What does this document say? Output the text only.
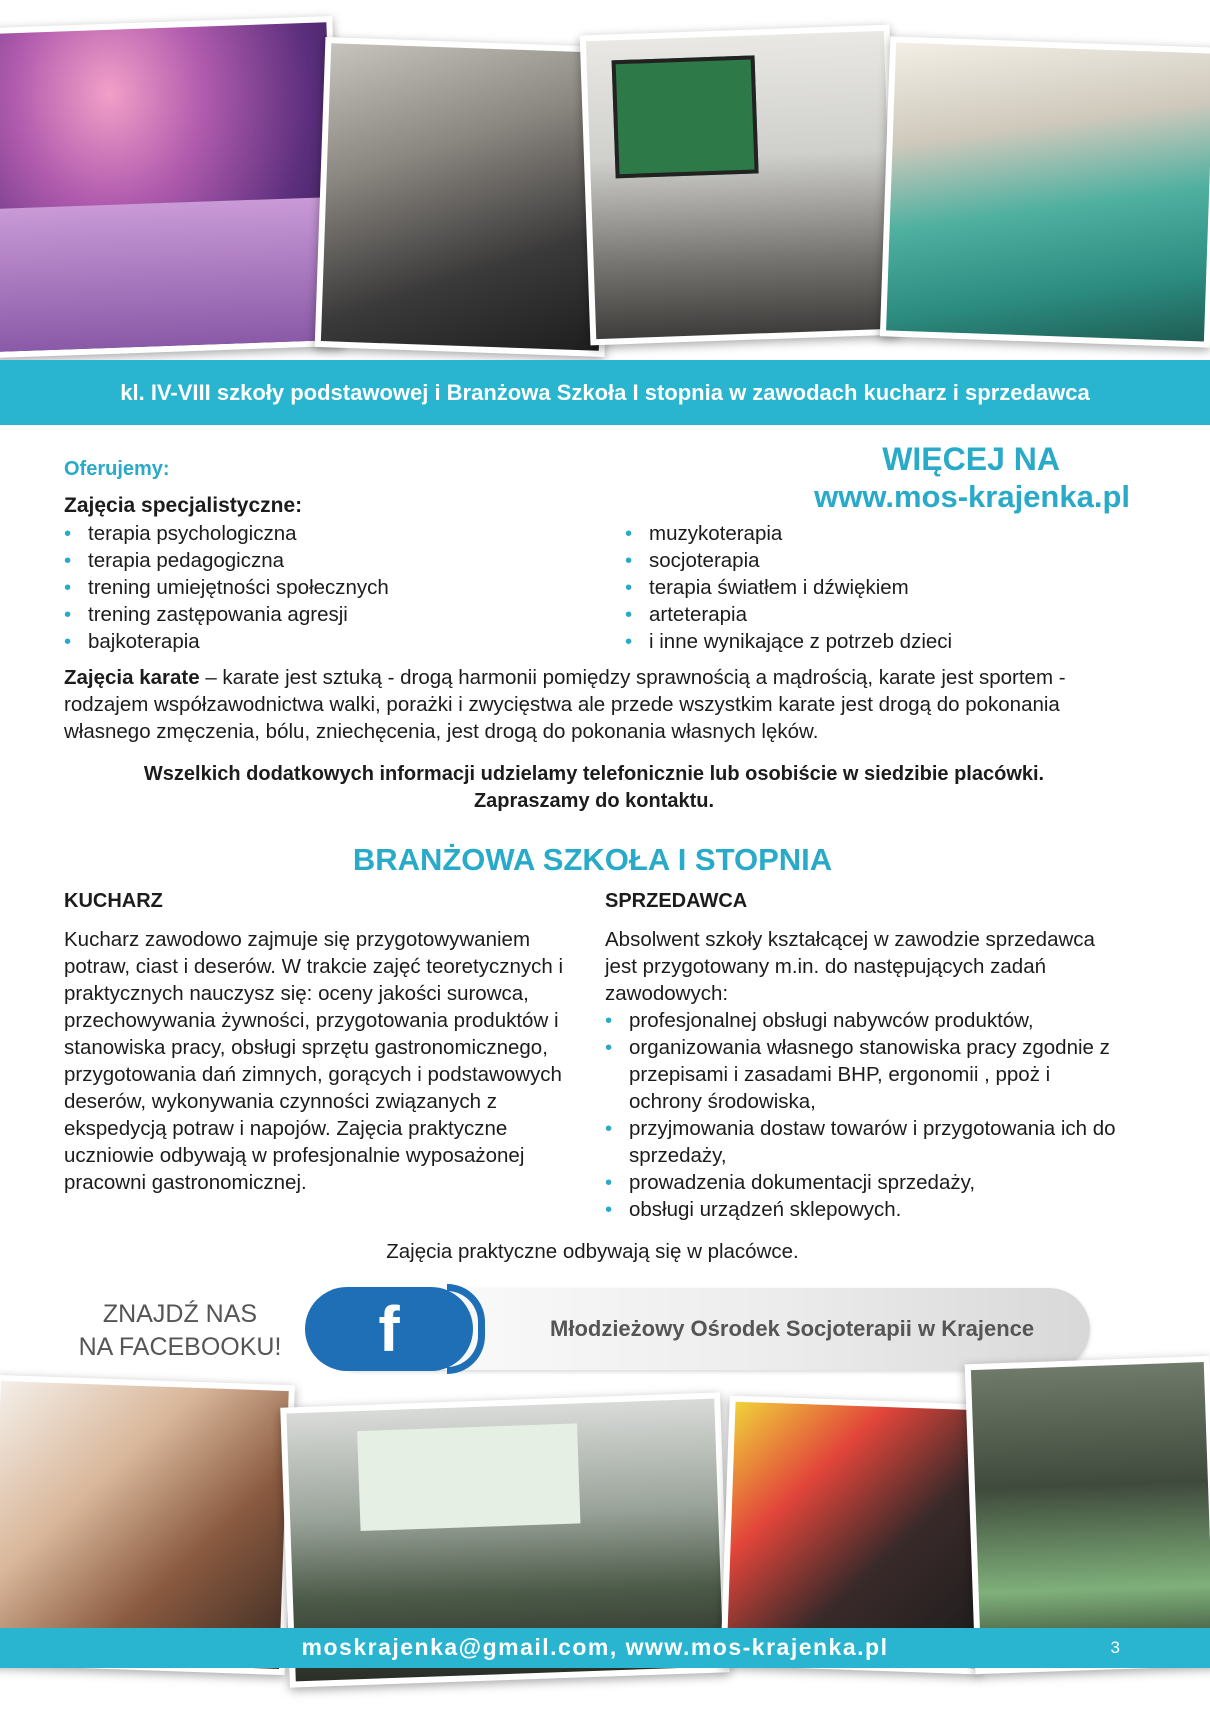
kl. IV-VIII szkoły podstawowej i Branżowa Szkoła I stopnia w zawodach kucharz i sprzedawca
WIĘCEJ NA
www.mos-krajenka.pl
Oferujemy:
Zajęcia specjalistyczne:
• terapia psychologiczna
• terapia pedagogiczna
• trening umiejętności społecznych
• trening zastępowania agresji
• bajkoterapia
• muzykoterapia
• socjoterapia
• terapia światłem i dźwiękiem
• arteterapia
• i inne wynikające z potrzeb dzieci
Zajęcia karate – karate jest sztuką - drogą harmonii pomiędzy sprawnością a mądrością, karate jest sportem - rodzajem współzawodnictwa walki, porażki i zwycięstwa ale przede wszystkim karate jest drogą do pokonania własnego zmęczenia, bólu, zniechęcenia, jest drogą do pokonania własnych lęków.
Wszelkich dodatkowych informacji udzielamy telefonicznie lub osobiście w siedzibie placówki.
Zapraszamy do kontaktu.
BRANŻOWA SZKOŁA I STOPNIA
KUCHARZ	SPRZEDAWCA
Kucharz zawodowo zajmuje się przygotowywaniem potraw, ciast i deserów. W trakcie zajęć teoretycznych i praktycznych nauczysz się: oceny jakości surowca, przechowywania żywności, przygotowania produktów i stanowiska pracy, obsługi sprzętu gastronomicznego, przygotowania dań zimnych, gorących i podstawowych deserów, wykonywania czynności związanych z ekspedycją potraw i napojów. Zajęcia praktyczne uczniowie odbywają w profesjonalnie wyposażonej pracowni gastronomicznej.
Absolwent szkoły kształcącej w zawodzie sprzedawca jest przygotowany m.in. do następujących zadań zawodowych:
• profesjonalnej obsługi nabywców produktów,
• organizowania własnego stanowiska pracy zgodnie z przepisami i zasadami BHP, ergonomii , ppoż i ochrony środowiska,
• przyjmowania dostaw towarów i przygotowania ich do sprzedaży,
• prowadzenia dokumentacji sprzedaży,
• obsługi urządzeń sklepowych.
Zajęcia praktyczne odbywają się w placówce.
ZNAJDŹ NAS
NA FACEBOOKU!
Młodzieżowy Ośrodek Socjoterapii w Krajence
f
moskrajenka@gmail.com, www.mos-krajenka.pl	3
